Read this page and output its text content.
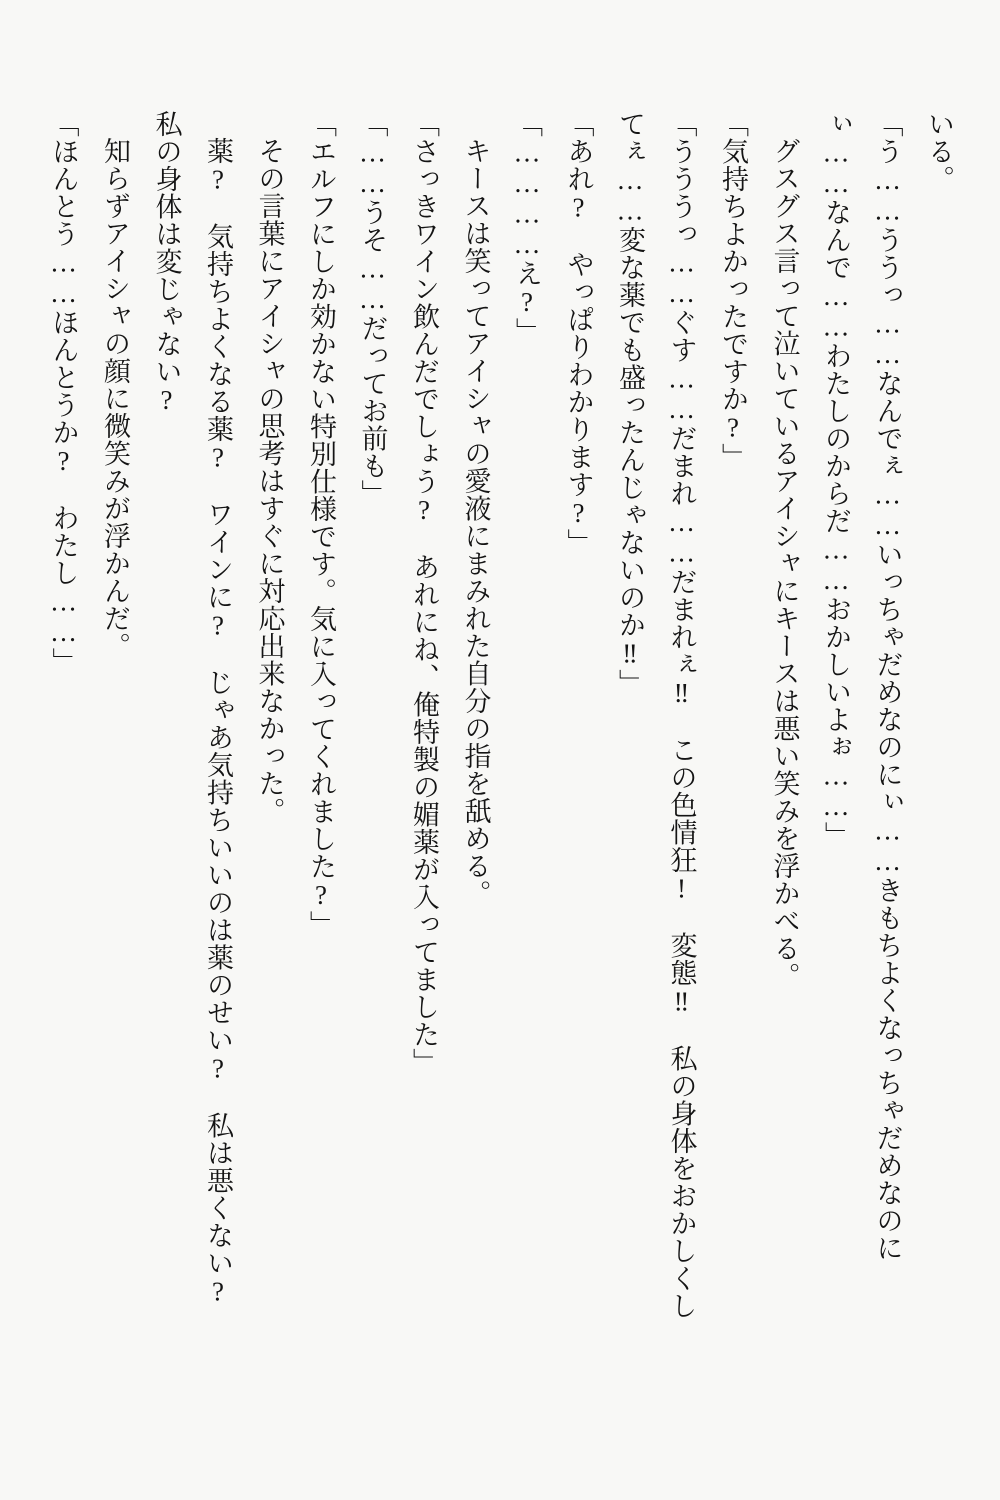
いる。

「う……ううっ……なんでぇ……いっちゃだめなのにぃ……きもちよくなっちゃだめなのにぃ……なんで……わたしのからだ……おかしいよぉ……」

グスグス言って泣いているアイシャにキースは悪い笑みを浮かべる。

「気持ちよかったですか?」

「うううっ……ぐす……だまれ……だまれぇ‼　この色情狂!　変態‼　私の身体をおかしくしてぇ……変な薬でも盛ったんじゃないのか‼」

「あれ?　やっぱりわかります?」

「…………え?」

キースは笑ってアイシャの愛液にまみれた自分の指を舐める。

「さっきワイン飲んだでしょう?　あれにね、俺特製の媚薬が入ってました」

「……うそ……だってお前も」

「エルフにしか効かない特別仕様です。気に入ってくれました?」

その言葉にアイシャの思考はすぐに対応出来なかった。

薬?　気持ちよくなる薬?　ワインに?　じゃあ気持ちいいのは薬のせい?　私は悪くない?

私の身体は変じゃない?

知らずアイシャの顔に微笑みが浮かんだ。

「ほんとう……ほんとうか?　わたし……」
